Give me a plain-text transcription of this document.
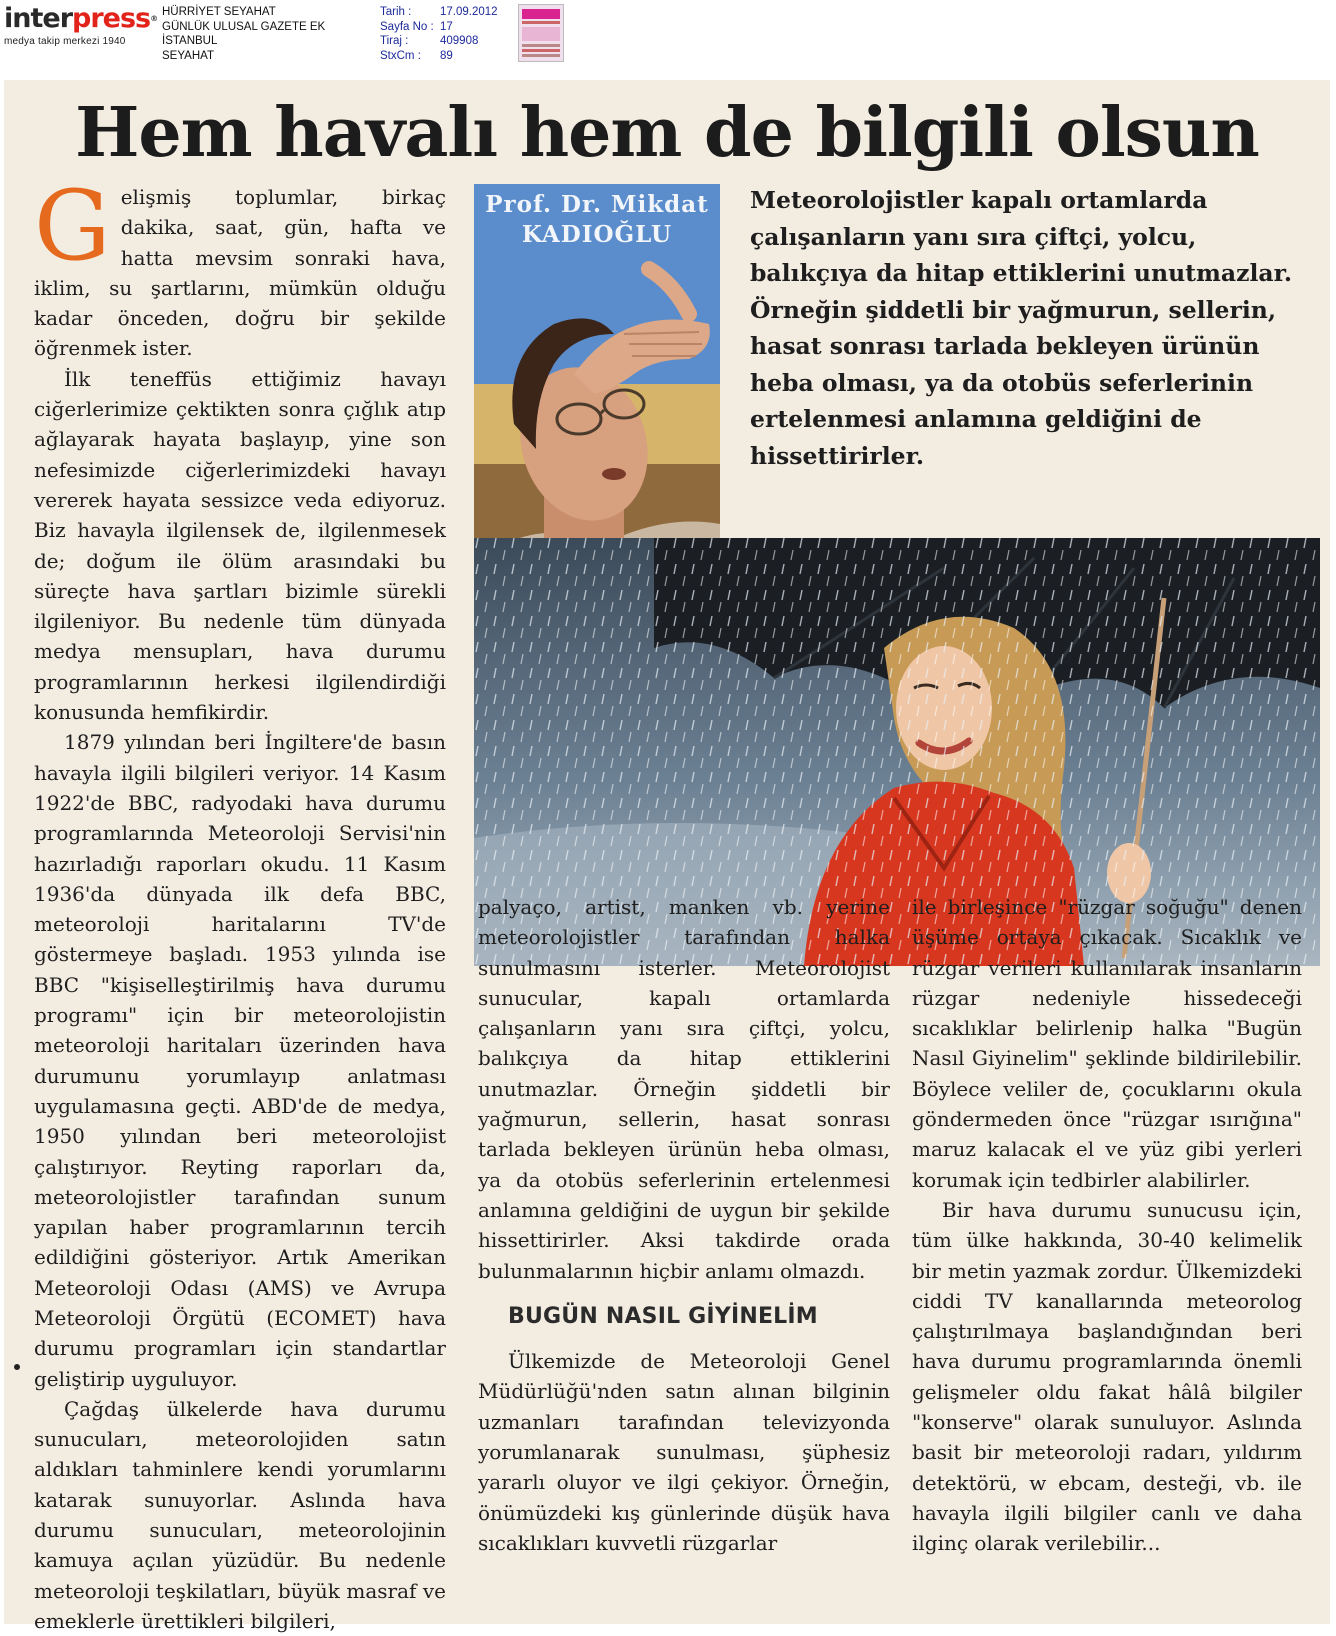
interpress®
medya takip merkezi 1940
HÜRRİYET SEYAHAT
GÜNLÜK ULUSAL GAZETE EK
İSTANBUL
SEYAHAT
Tarih :	17.09.2012
Sayfa No : 17
Tiraj :	409908
StxCm :	89
Hem havalı hem de bilgili olsun

Gelişmiş toplumlar, birkaç dakika, saat, gün, hafta ve hatta mevsim sonraki hava, iklim, su şartlarını, mümkün olduğu kadar önceden, doğru bir şekilde öğrenmek ister.

İlk teneffüs ettiğimiz havayı ciğerlerimize çektikten sonra çığlık atıp ağlayarak hayata başlayıp, yine son nefesimizde ciğerlerimizdeki havayı vererek hayata sessizce veda ediyoruz. Biz havayla ilgilensek de, ilgilenmesek de; doğum ile ölüm arasındaki bu süreçte hava şartları bizimle sürekli ilgileniyor. Bu nedenle tüm dünyada medya mensupları, hava durumu programlarının herkesi ilgilendirdiği konusunda hemfikirdir.

1879 yılından beri İngiltere'de basın havayla ilgili bilgileri veriyor. 14 Kasım 1922'de BBC, radyodaki hava durumu programlarında Meteoroloji Servisi'nin hazırladığı raporları okudu. 11 Kasım 1936'da dünyada ilk defa BBC, meteoroloji haritalarını TV'de göstermeye başladı. 1953 yılında ise BBC "kişiselleştirilmiş hava durumu programı" için bir meteorolojistin meteoroloji haritaları üzerinden hava durumunu yorumlayıp anlatması uygulamasına geçti. ABD'de de medya, 1950 yılından beri meteorolojist çalıştırıyor. Reyting raporları da, meteorolojistler tarafından sunum yapılan haber programlarının tercih edildiğini gösteriyor. Artık Amerikan Meteoroloji Odası (AMS) ve Avrupa Meteoroloji Örgütü (ECOMET) hava durumu programları için standartlar geliştirip uyguluyor.

Çağdaş ülkelerde hava durumu sunucuları, meteorolojiden satın aldıkları tahminlere kendi yorumlarını katarak sunuyorlar. Aslında hava durumu sunucuları, meteorolojinin kamuya açılan yüzüdür. Bu nedenle meteoroloji teşkilatları, büyük masraf ve emeklerle ürettikleri bilgileri,

Prof. Dr. Mikdat
KADIOĞLU
Meteorolojistler kapalı ortamlarda çalışanların yanı sıra çiftçi, yolcu, balıkçıya da hitap ettiklerini unutmazlar. Örneğin şiddetli bir yağmurun, sellerin, hasat sonrası tarlada bekleyen ürünün heba olması, ya da otobüs seferlerinin ertelenmesi anlamına geldiğini de hissettirirler.

palyaço, artist, manken vb. yerine meteorolojistler tarafından halka sunulmasını isterler. Meteorolojist sunucular, kapalı ortamlarda çalışanların yanı sıra çiftçi, yolcu, balıkçıya da hitap ettiklerini unutmazlar. Örneğin şiddetli bir yağmurun, sellerin, hasat sonrası tarlada bekleyen ürünün heba olması, ya da otobüs seferlerinin ertelenmesi anlamına geldiğini de uygun bir şekilde hissettirirler. Aksi takdirde orada bulunmalarının hiçbir anlamı olmazdı.

BUGÜN NASIL GİYİNELİM

Ülkemizde de Meteoroloji Genel Müdürlüğü'nden satın alınan bilginin uzmanları tarafından televizyonda yorumlanarak sunulması, şüphesiz yararlı oluyor ve ilgi çekiyor. Örneğin, önümüzdeki kış günlerinde düşük hava sıcaklıkları kuvvetli rüzgarlar

ile birleşince "rüzgar soğuğu" denen üşüme ortaya çıkacak. Sıcaklık ve rüzgar verileri kullanılarak insanların rüzgar nedeniyle hissedeceği sıcaklıklar belirlenip halka "Bugün Nasıl Giyinelim" şeklinde bildirilebilir. Böylece veliler de, çocuklarını okula göndermeden önce "rüzgar ısırığına" maruz kalacak el ve yüz gibi yerleri korumak için tedbirler alabilirler.

Bir hava durumu sunucusu için, tüm ülke hakkında, 30-40 kelimelik bir metin yazmak zordur. Ülkemizdeki ciddi TV kanallarında meteorolog çalıştırılmaya başlandığından beri hava durumu programlarında önemli gelişmeler oldu fakat hâlâ bilgiler "konserve" olarak sunuluyor. Aslında basit bir meteoroloji radarı, yıldırım detektörü, w ebcam, desteği, vb. ile havayla ilgili bilgiler canlı ve daha ilginç olarak verilebilir...
